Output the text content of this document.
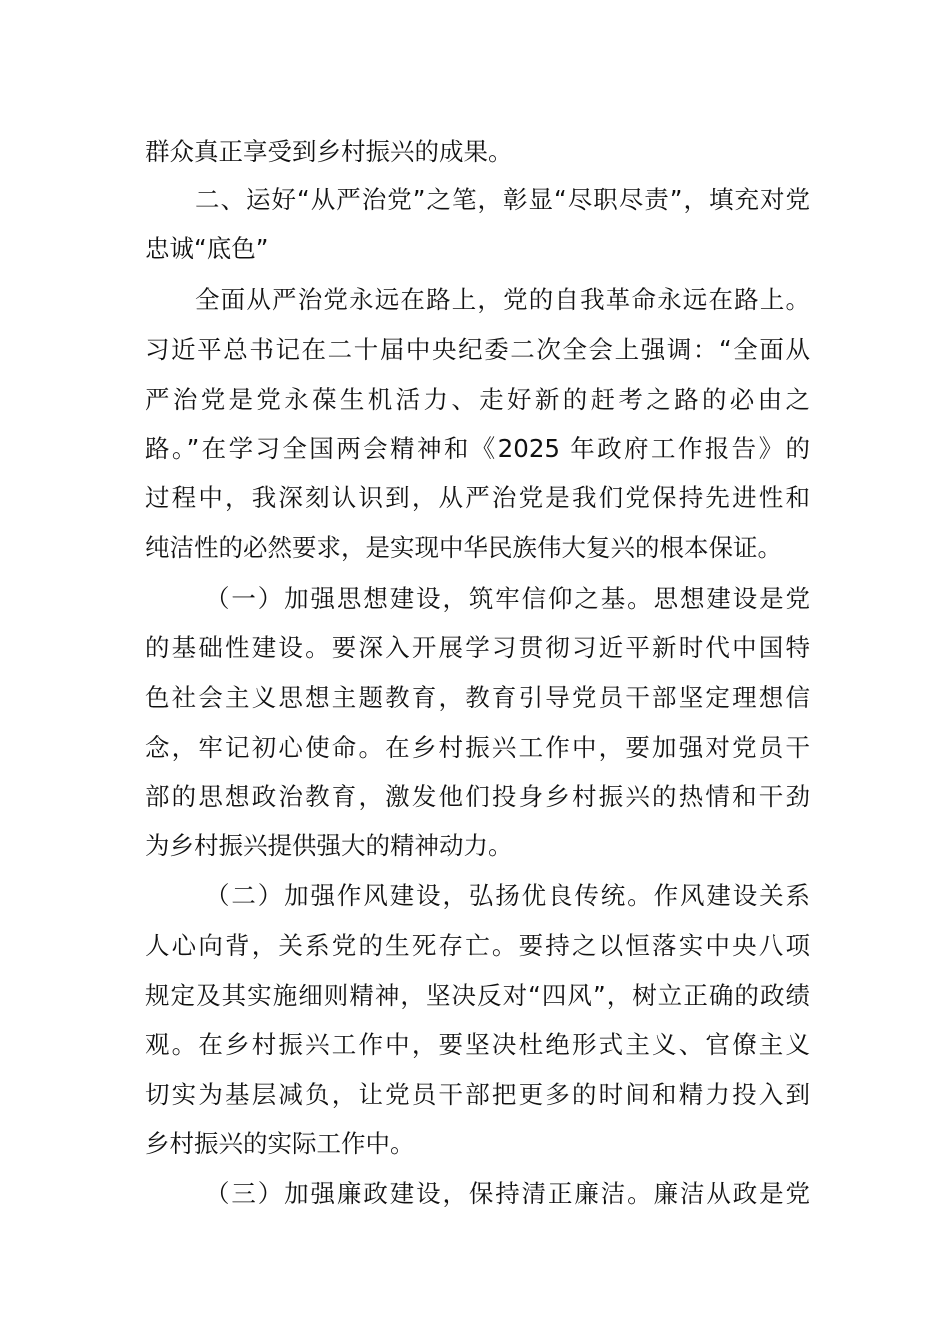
群众真正享受到乡村振兴的成果。
二、运好“从严治党”之笔，彰显“尽职尽责”，填充对党
忠诚“底色”
全面从严治党永远在路上，党的自我革命永远在路上。
习近平总书记在二十届中央纪委二次全会上强调：“全面从
严治党是党永葆生机活力、走好新的赶考之路的必由之
路。”在学习全国两会精神和《2025 年政府工作报告》的
过程中，我深刻认识到，从严治党是我们党保持先进性和
纯洁性的必然要求，是实现中华民族伟大复兴的根本保证。
（一）加强思想建设，筑牢信仰之基。思想建设是党
的基础性建设。要深入开展学习贯彻习近平新时代中国特
色社会主义思想主题教育，教育引导党员干部坚定理想信
念，牢记初心使命。在乡村振兴工作中，要加强对党员干
部的思想政治教育，激发他们投身乡村振兴的热情和干劲
为乡村振兴提供强大的精神动力。
（二）加强作风建设，弘扬优良传统。作风建设关系
人心向背，关系党的生死存亡。要持之以恒落实中央八项
规定及其实施细则精神，坚决反对“四风”，树立正确的政绩
观。在乡村振兴工作中，要坚决杜绝形式主义、官僚主义
切实为基层减负，让党员干部把更多的时间和精力投入到
乡村振兴的实际工作中。
（三）加强廉政建设，保持清正廉洁。廉洁从政是党
